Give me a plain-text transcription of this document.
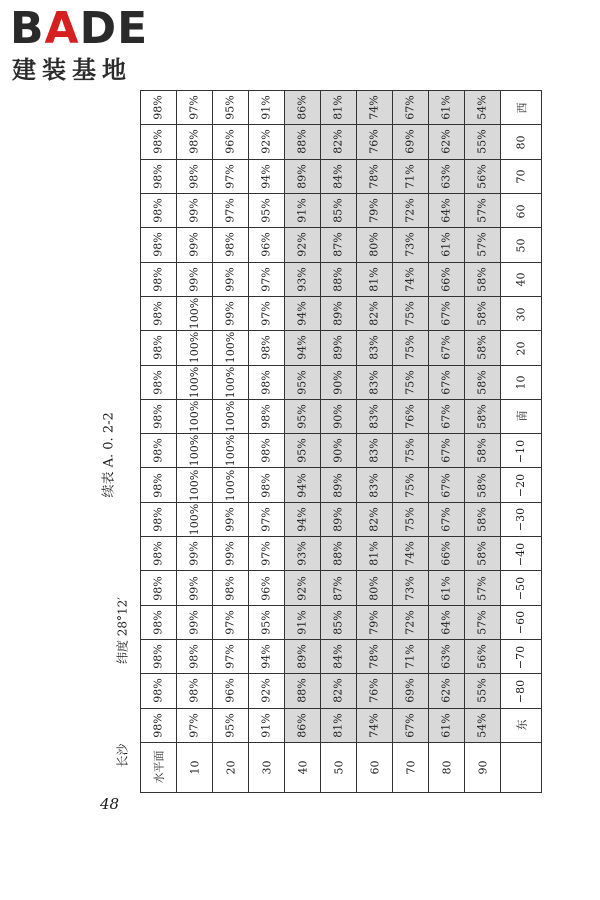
BADE
建装基地
续表 A. 0. 2-2
纬度 28°12′
长沙
48
98%	97%	95%	91%	86%	81%	74%	67%	61%	54%	西
98%	98%	96%	92%	88%	82%	76%	69%	62%	55%	80
98%	98%	97%	94%	89%	84%	78%	71%	63%	56%	70
98%	99%	97%	95%	91%	85%	79%	72%	64%	57%	60
98%	99%	98%	96%	92%	87%	80%	73%	61%	57%	50
98%	99%	99%	97%	93%	88%	81%	74%	66%	58%	40
98%	100%	99%	97%	94%	89%	82%	75%	67%	58%	30
98%	100%	100%	98%	94%	89%	83%	75%	67%	58%	20
98%	100%	100%	98%	95%	90%	83%	75%	67%	58%	10
98%	100%	100%	98%	95%	90%	83%	76%	67%	58%	南
98%	100%	100%	98%	95%	90%	83%	75%	67%	58%	−10
98%	100%	100%	98%	94%	89%	83%	75%	67%	58%	−20
98%	100%	99%	97%	94%	89%	82%	75%	67%	58%	−30
98%	99%	99%	97%	93%	88%	81%	74%	66%	58%	−40
98%	99%	98%	96%	92%	87%	80%	73%	61%	57%	−50
98%	99%	97%	95%	91%	85%	79%	72%	64%	57%	−60
98%	98%	97%	94%	89%	84%	78%	71%	63%	56%	−70
98%	98%	96%	92%	88%	82%	76%	69%	62%	55%	−80
98%	97%	95%	91%	86%	81%	74%	67%	61%	54%	东
水平面	10	20	30	40	50	60	70	80	90	
